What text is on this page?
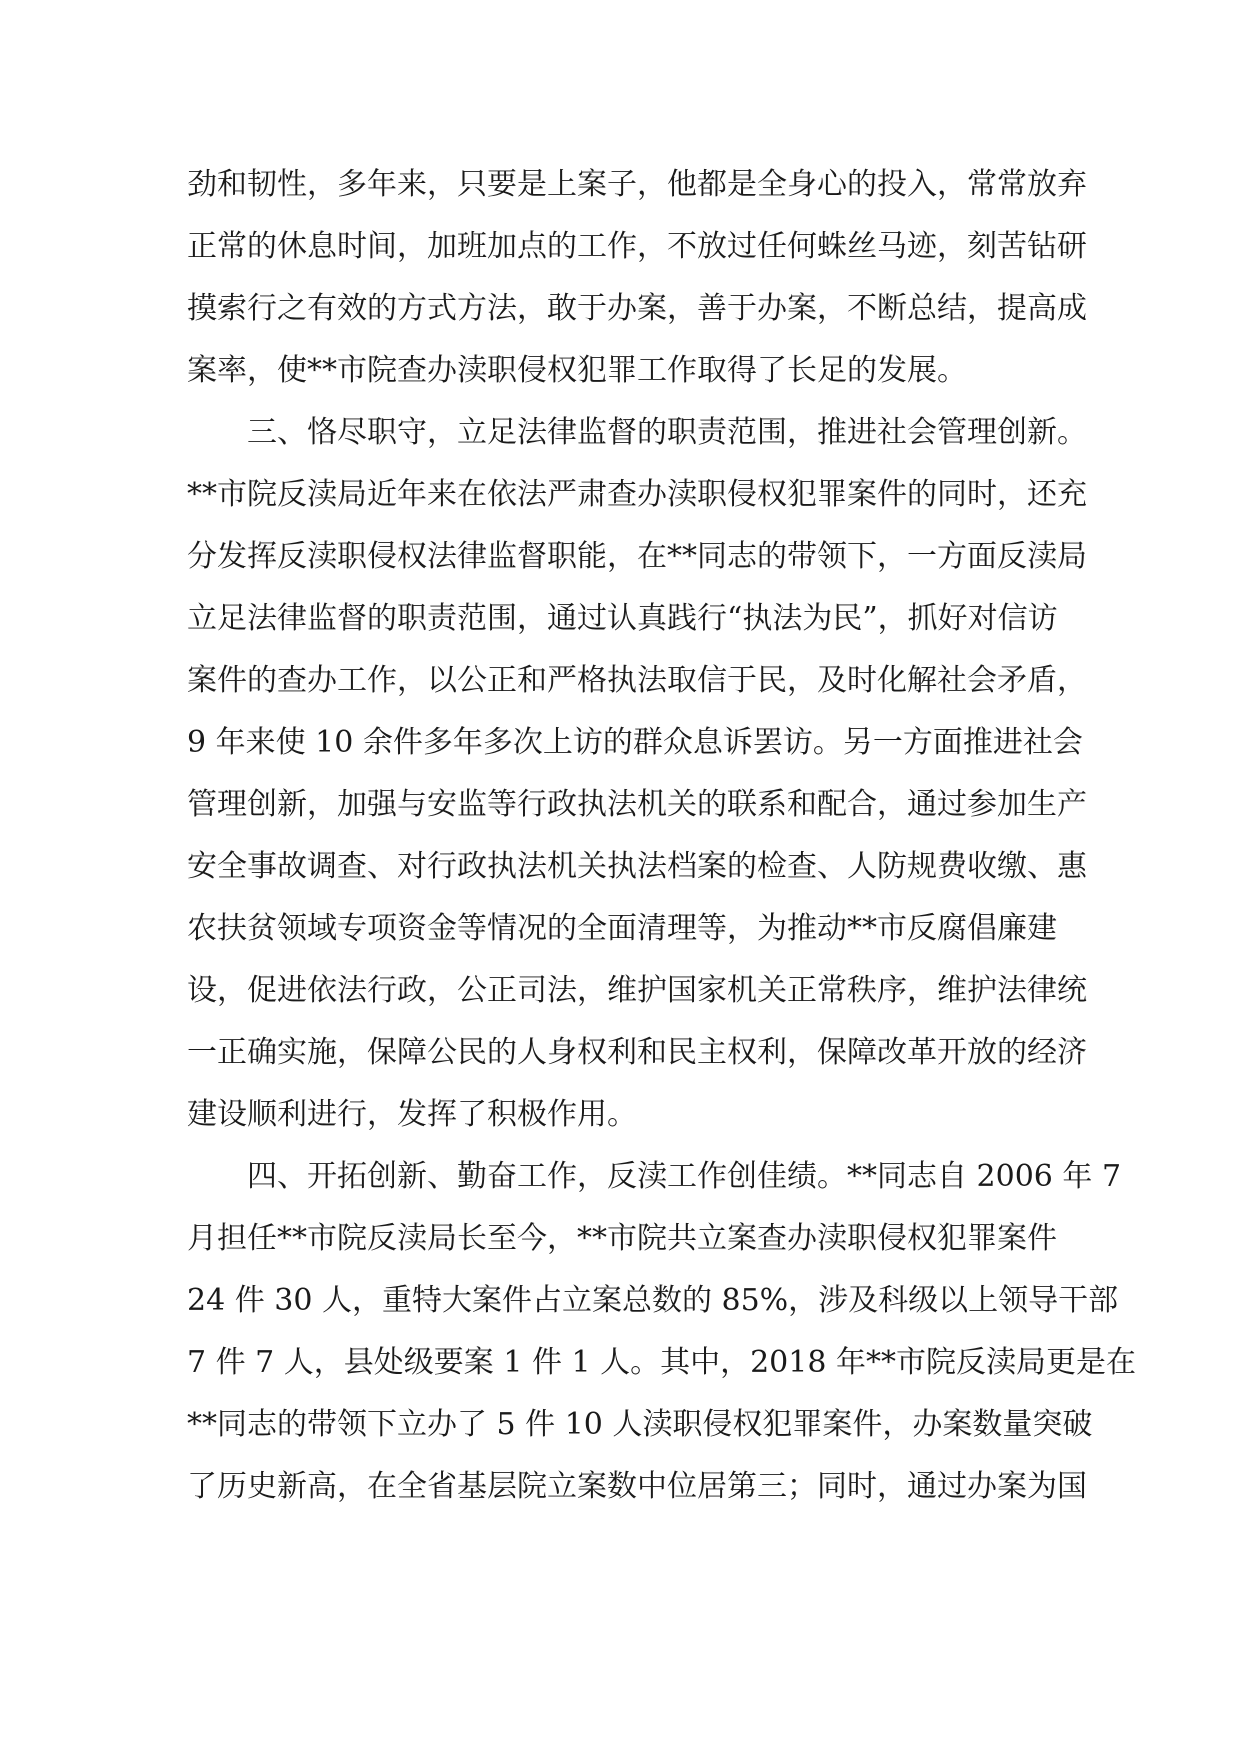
劲和韧性，多年来，只要是上案子，他都是全身心的投入，常常放弃
正常的休息时间，加班加点的工作，不放过任何蛛丝马迹，刻苦钻研
摸索行之有效的方式方法，敢于办案，善于办案，不断总结，提高成
案率，使**市院查办渎职侵权犯罪工作取得了长足的发展。
三、恪尽职守，立足法律监督的职责范围，推进社会管理创新。
**市院反渎局近年来在依法严肃查办渎职侵权犯罪案件的同时，还充
分发挥反渎职侵权法律监督职能，在**同志的带领下，一方面反渎局
立足法律监督的职责范围，通过认真践行“执法为民”，抓好对信访
案件的查办工作，以公正和严格执法取信于民，及时化解社会矛盾，
9 年来使 10 余件多年多次上访的群众息诉罢访。另一方面推进社会
管理创新，加强与安监等行政执法机关的联系和配合，通过参加生产
安全事故调查、对行政执法机关执法档案的检查、人防规费收缴、惠
农扶贫领域专项资金等情况的全面清理等，为推动**市反腐倡廉建
设，促进依法行政，公正司法，维护国家机关正常秩序，维护法律统
一正确实施，保障公民的人身权利和民主权利，保障改革开放的经济
建设顺利进行，发挥了积极作用。
四、开拓创新、勤奋工作，反渎工作创佳绩。**同志自 2006 年 7
月担任**市院反渎局长至今，**市院共立案查办渎职侵权犯罪案件
24 件 30 人，重特大案件占立案总数的 85%，涉及科级以上领导干部
7 件 7 人，县处级要案 1 件 1 人。其中，2018 年**市院反渎局更是在
**同志的带领下立办了 5 件 10 人渎职侵权犯罪案件，办案数量突破
了历史新高，在全省基层院立案数中位居第三；同时，通过办案为国
